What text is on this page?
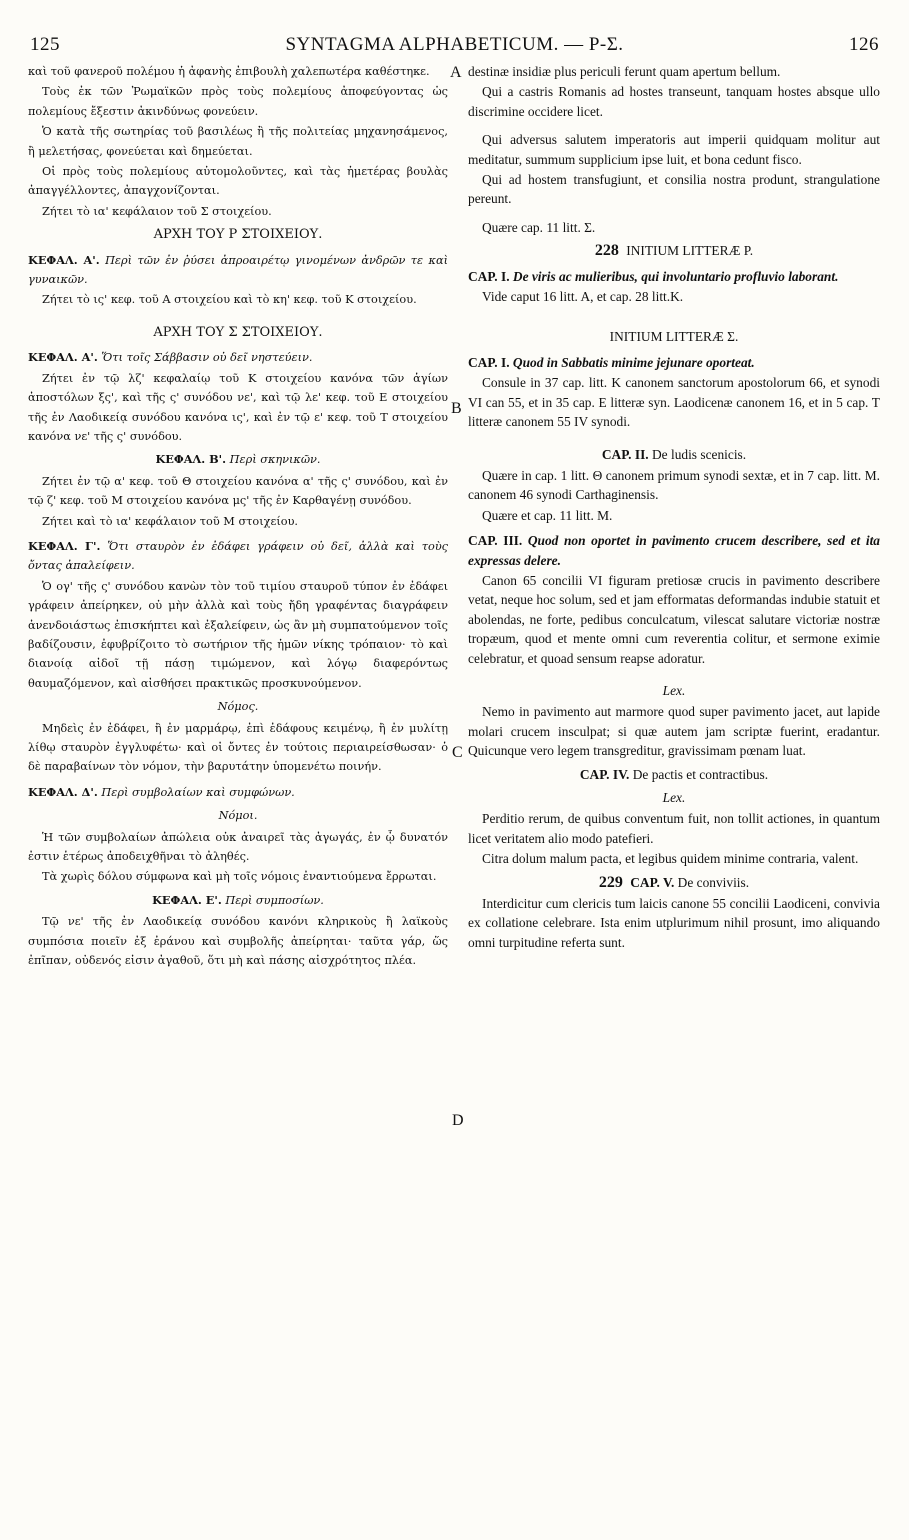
125	SYNTAGMA ALPHABETICUM. — Ρ-Σ.	126
A
B
C
D

καὶ τοῦ φανεροῦ πολέμου ἡ ἀφανὴς ἐπιβουλὴ χαλεπωτέρα καθέστηκε.

Τοὺς ἐκ τῶν Ῥωμαϊκῶν πρὸς τοὺς πολεμίους ἀποφεύγοντας ὡς πολεμίους ἔξεστιν ἀκινδύνως φονεύειν.

Ὁ κατὰ τῆς σωτηρίας τοῦ βασιλέως ἢ τῆς πολιτείας μηχανησάμενος, ἢ μελετήσας, φονεύεται καὶ δημεύεται.

Οἱ πρὸς τοὺς πολεμίους αὐτομολοῦντες, καὶ τὰς ἡμετέρας βουλὰς ἀπαγγέλλοντες, ἀπαγχονίζονται.

Ζήτει τὸ ια' κεφάλαιον τοῦ Σ στοιχείου.

ΑΡΧΗ ΤΟΥ Ρ ΣΤΟΙΧΕΙΟΥ.

ΚΕΦΑΛ. Α'. Περὶ τῶν ἐν ῥύσει ἀπροαιρέτῳ γινομένων ἀνδρῶν τε καὶ γυναικῶν.

Ζήτει τὸ ις' κεφ. τοῦ Α στοιχείου καὶ τὸ κη' κεφ. τοῦ Κ στοιχείου.

ΑΡΧΗ ΤΟΥ Σ ΣΤΟΙΧΕΙΟΥ.

ΚΕΦΑΛ. Α'. Ὅτι τοῖς Σάββασιν οὐ δεῖ νηστεύειν.

Ζήτει ἐν τῷ λζ' κεφαλαίῳ τοῦ Κ στοιχείου κανόνα τῶν ἁγίων ἀποστόλων ξς', καὶ τῆς ς' συνόδου νε', καὶ τῷ λε' κεφ. τοῦ Ε στοιχείου τῆς ἐν Λαοδικείᾳ συνόδου κανόνα ις', καὶ ἐν τῷ ε' κεφ. τοῦ Τ στοιχείου κανόνα νε' τῆς ς' συνόδου.

ΚΕΦΑΛ. Β'. Περὶ σκηνικῶν.

Ζήτει ἐν τῷ α' κεφ. τοῦ Θ στοιχείου κανόνα α' τῆς ς' συνόδου, καὶ ἐν τῷ ζ' κεφ. τοῦ Μ στοιχείου κανόνα μς' τῆς ἐν Καρθαγένῃ συνόδου.

Ζήτει καὶ τὸ ια' κεφάλαιον τοῦ Μ στοιχείου.

ΚΕΦΑΛ. Γ'. Ὅτι σταυρὸν ἐν ἐδάφει γράφειν οὐ δεῖ, ἀλλὰ καὶ τοὺς ὄντας ἀπαλείφειν.

Ὁ ογ' τῆς ς' συνόδου κανὼν τὸν τοῦ τιμίου σταυροῦ τύπον ἐν ἐδάφει γράφειν ἀπείρηκεν, οὐ μὴν ἀλλὰ καὶ τοὺς ἤδη γραφέντας διαγράφειν ἀνενδοιάστως ἐπισκήπτει καὶ ἐξαλείφειν, ὡς ἂν μὴ συμπατούμενον τοῖς βαδίζουσιν, ἐφυβρίζοιτο τὸ σωτήριον τῆς ἡμῶν νίκης τρόπαιον· τὸ καὶ διανοίᾳ αἰδοῖ τῇ πάσῃ τιμώμενον, καὶ λόγῳ διαφερόντως θαυμαζόμενον, καὶ αἰσθήσει πρακτικῶς προσκυνούμενον.

Νόμος.

Μηδεὶς ἐν ἐδάφει, ἢ ἐν μαρμάρῳ, ἐπὶ ἐδάφους κειμένῳ, ἢ ἐν μυλίτῃ λίθῳ σταυρὸν ἐγγλυφέτω· καὶ οἱ ὄντες ἐν τούτοις περιαιρείσθωσαν· ὁ δὲ παραβαίνων τὸν νόμον, τὴν βαρυτάτην ὑπομενέτω ποινήν.

ΚΕΦΑΛ. Δ'. Περὶ συμβολαίων καὶ συμφώνων.

Νόμοι.

Ἡ τῶν συμβολαίων ἀπώλεια οὐκ ἀναιρεῖ τὰς ἀγωγάς, ἐν ᾧ δυνατόν ἐστιν ἑτέρως ἀποδειχθῆναι τὸ ἀληθές.

Τὰ χωρὶς δόλου σύμφωνα καὶ μὴ τοῖς νόμοις ἐναντιούμενα ἔρρωται.

ΚΕΦΑΛ. Ε'. Περὶ συμποσίων.

Τῷ νε' τῆς ἐν Λαοδικείᾳ συνόδου κανόνι κληρικοὺς ἢ λαϊκοὺς συμπόσια ποιεῖν ἐξ ἐράνου καὶ συμβολῆς ἀπείρηται· ταῦτα γάρ, ὥς ἐπῖπαν, οὐδενός εἰσιν ἀγαθοῦ, ὅτι μὴ καὶ πάσης αἰσχρότητος πλέα.

destinæ insidiæ plus periculi ferunt quam apertum bellum.

Qui a castris Romanis ad hostes transeunt, tanquam hostes absque ullo discrimine occidere licet.

Qui adversus salutem imperatoris aut imperii quidquam molitur aut meditatur, summum supplicium ipse luit, et bona cedunt fisco.

Qui ad hostem transfugiunt, et consilia nostra produnt, strangulatione pereunt.

Quære cap. 11 litt. Σ.

228 INITIUM LITTERÆ P.

CAP. I. De viris ac mulieribus, qui involuntario profluvio laborant.

Vide caput 16 litt. A, et cap. 28 litt.K.

INITIUM LITTERÆ Σ.

CAP. I. Quod in Sabbatis minime jejunare oporteat.

Consule in 37 cap. litt. K canonem sanctorum apostolorum 66, et synodi VI can 55, et in 35 cap. E litteræ syn. Laodicenæ canonem 16, et in 5 cap. T litteræ canonem 55 IV synodi.

CAP. II. De ludis scenicis.

Quære in cap. 1 litt. Θ canonem primum synodi sextæ, et in 7 cap. litt. M. canonem 46 synodi Carthaginensis.

Quære et cap. 11 litt. M.

CAP. III. Quod non oportet in pavimento crucem describere, sed et ita expressas delere.

Canon 65 concilii VI figuram pretiosæ crucis in pavimento describere vetat, neque hoc solum, sed et jam efformatas deformandas indubie statuit et abolendas, ne forte, pedibus conculcatum, vilescat salutare victoriæ nostræ tropæum, quod et mente omni cum reverentia colitur, et sermone eximie celebratur, et quoad sensum reapse adoratur.

Lex.

Nemo in pavimento aut marmore quod super pavimento jacet, aut lapide molari crucem insculpat; si quæ autem jam scriptæ fuerint, eradantur. Quicunque vero legem transgreditur, gravissimam pœnam luat.

CAP. IV. De pactis et contractibus.
Lex.

Perditio rerum, de quibus conventum fuit, non tollit actiones, in quantum licet veritatem alio modo patefieri.

Citra dolum malum pacta, et legibus quidem minime contraria, valent.

229 CAP. V. De conviviis.

Interdicitur cum clericis tum laicis canone 55 concilii Laodiceni, convivia ex collatione celebrare. Ista enim utplurimum nihil prosunt, imo aliquando omni turpitudine referta sunt.
